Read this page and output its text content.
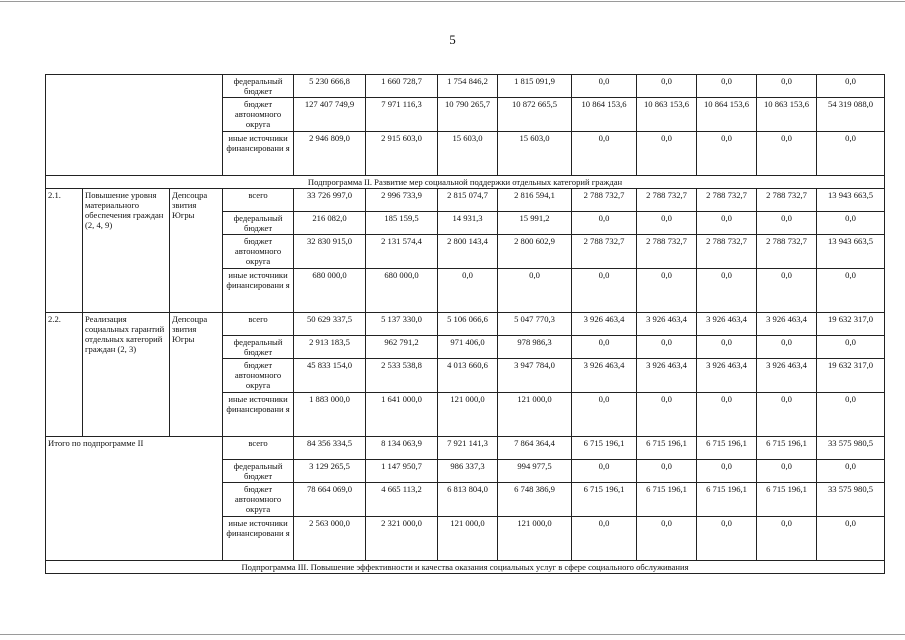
5
			федеральный бюджет	5 230 666,8	1 660 728,7	1 754 846,2	1 815 091,9	0,0	0,0	0,0	0,0	0,0
			бюджет автономного округа	127 407 749,9	7 971 116,3	10 790 265,7	10 872 665,5	10 864 153,6	10 863 153,6	10 864 153,6	10 863 153,6	54 319 088,0
			иные источники финансировани я	2 946 809,0	2 915 603,0	15 603,0	15 603,0	0,0	0,0	0,0	0,0	0,0
Подпрограмма II. Развитие мер социальной поддержки отдельных категорий граждан												
2.1.	Повышение уровня материального обеспечения граждан (2, 4, 9)	Депсоцра звития Югры	всего	33 726 997,0	2 996 733,9	2 815 074,7	2 816 594,1	2 788 732,7	2 788 732,7	2 788 732,7	2 788 732,7	13 943 663,5
			федеральный бюджет	216 082,0	185 159,5	14 931,3	15 991,2	0,0	0,0	0,0	0,0	0,0
			бюджет автономного округа	32 830 915,0	2 131 574,4	2 800 143,4	2 800 602,9	2 788 732,7	2 788 732,7	2 788 732,7	2 788 732,7	13 943 663,5
			иные источники финансировани я	680 000,0	680 000,0	0,0	0,0	0,0	0,0	0,0	0,0	0,0
2.2.	Реализация социальных гарантий отдельных категорий граждан (2, 3)	Депсоцра звития Югры	всего	50 629 337,5	5 137 330,0	5 106 066,6	5 047 770,3	3 926 463,4	3 926 463,4	3 926 463,4	3 926 463,4	19 632 317,0
			федеральный бюджет	2 913 183,5	962 791,2	971 406,0	978 986,3	0,0	0,0	0,0	0,0	0,0
			бюджет автономного округа	45 833 154,0	2 533 538,8	4 013 660,6	3 947 784,0	3 926 463,4	3 926 463,4	3 926 463,4	3 926 463,4	19 632 317,0
			иные источники финансировани я	1 883 000,0	1 641 000,0	121 000,0	121 000,0	0,0	0,0	0,0	0,0	0,0
Итого по подпрограмме II			всего	84 356 334,5	8 134 063,9	7 921 141,3	7 864 364,4	6 715 196,1	6 715 196,1	6 715 196,1	6 715 196,1	33 575 980,5
			федеральный бюджет	3 129 265,5	1 147 950,7	986 337,3	994 977,5	0,0	0,0	0,0	0,0	0,0
			бюджет автономного округа	78 664 069,0	4 665 113,2	6 813 804,0	6 748 386,9	6 715 196,1	6 715 196,1	6 715 196,1	6 715 196,1	33 575 980,5
			иные источники финансировани я	2 563 000,0	2 321 000,0	121 000,0	121 000,0	0,0	0,0	0,0	0,0	0,0
Подпрограмма III. Повышение эффективности и качества оказания социальных услуг в сфере социального обслуживания												
